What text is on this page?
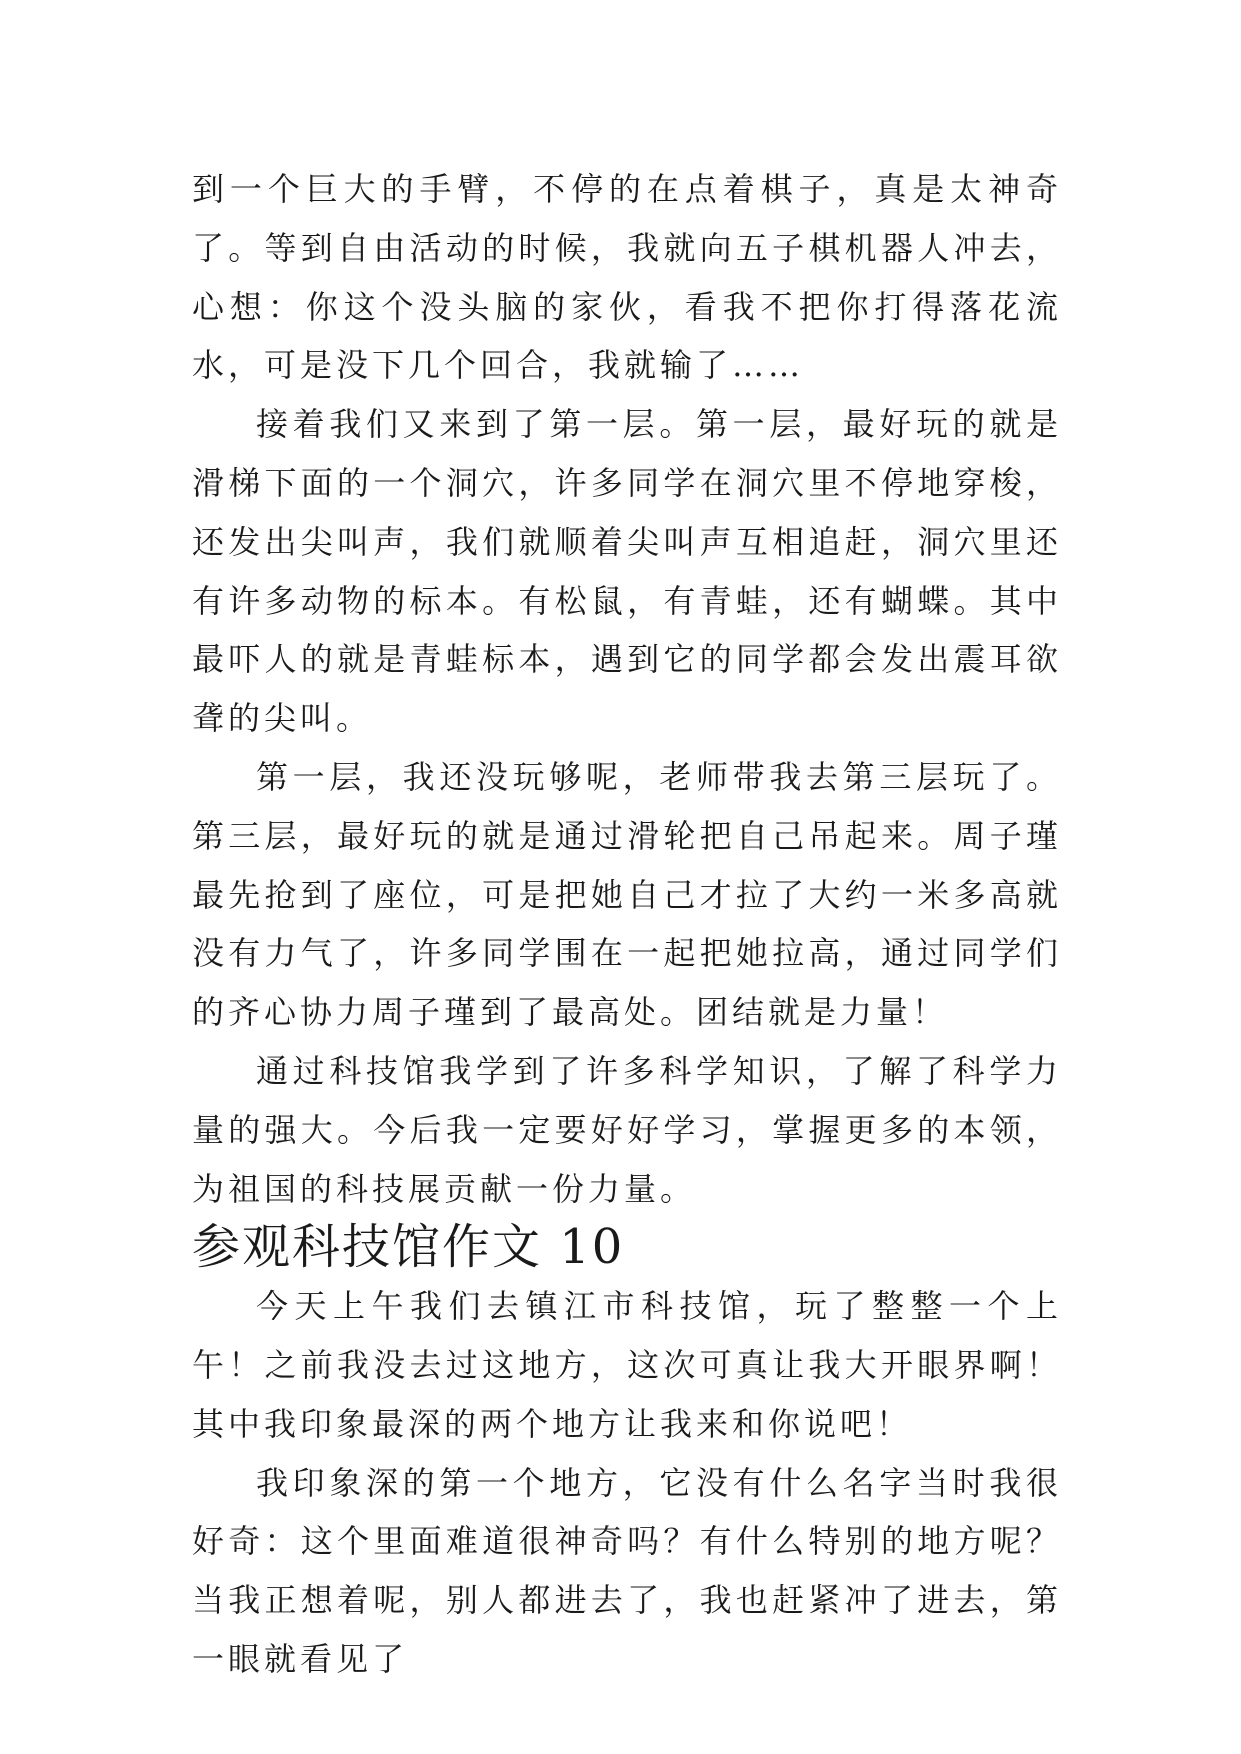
到一个巨大的手臂，不停的在点着棋子，真是太神奇了。等到自由活动的时候，我就向五子棋机器人冲去，心想：你这个没头脑的家伙，看我不把你打得落花流水，可是没下几个回合，我就输了……

接着我们又来到了第一层。第一层，最好玩的就是滑梯下面的一个洞穴，许多同学在洞穴里不停地穿梭，还发出尖叫声，我们就顺着尖叫声互相追赶，洞穴里还有许多动物的标本。有松鼠，有青蛙，还有蝴蝶。其中最吓人的就是青蛙标本，遇到它的同学都会发出震耳欲聋的尖叫。

第一层，我还没玩够呢，老师带我去第三层玩了。第三层，最好玩的就是通过滑轮把自己吊起来。周子瑾最先抢到了座位，可是把她自己才拉了大约一米多高就没有力气了，许多同学围在一起把她拉高，通过同学们的齐心协力周子瑾到了最高处。团结就是力量！

通过科技馆我学到了许多科学知识，了解了科学力量的强大。今后我一定要好好学习，掌握更多的本领，为祖国的科技展贡献一份力量。

参观科技馆作文 10

今天上午我们去镇江市科技馆，玩了整整一个上午！之前我没去过这地方，这次可真让我大开眼界啊！其中我印象最深的两个地方让我来和你说吧！

我印象深的第一个地方，它没有什么名字当时我很好奇：这个里面难道很神奇吗？有什么特别的地方呢？当我正想着呢，别人都进去了，我也赶紧冲了进去，第一眼就看见了
